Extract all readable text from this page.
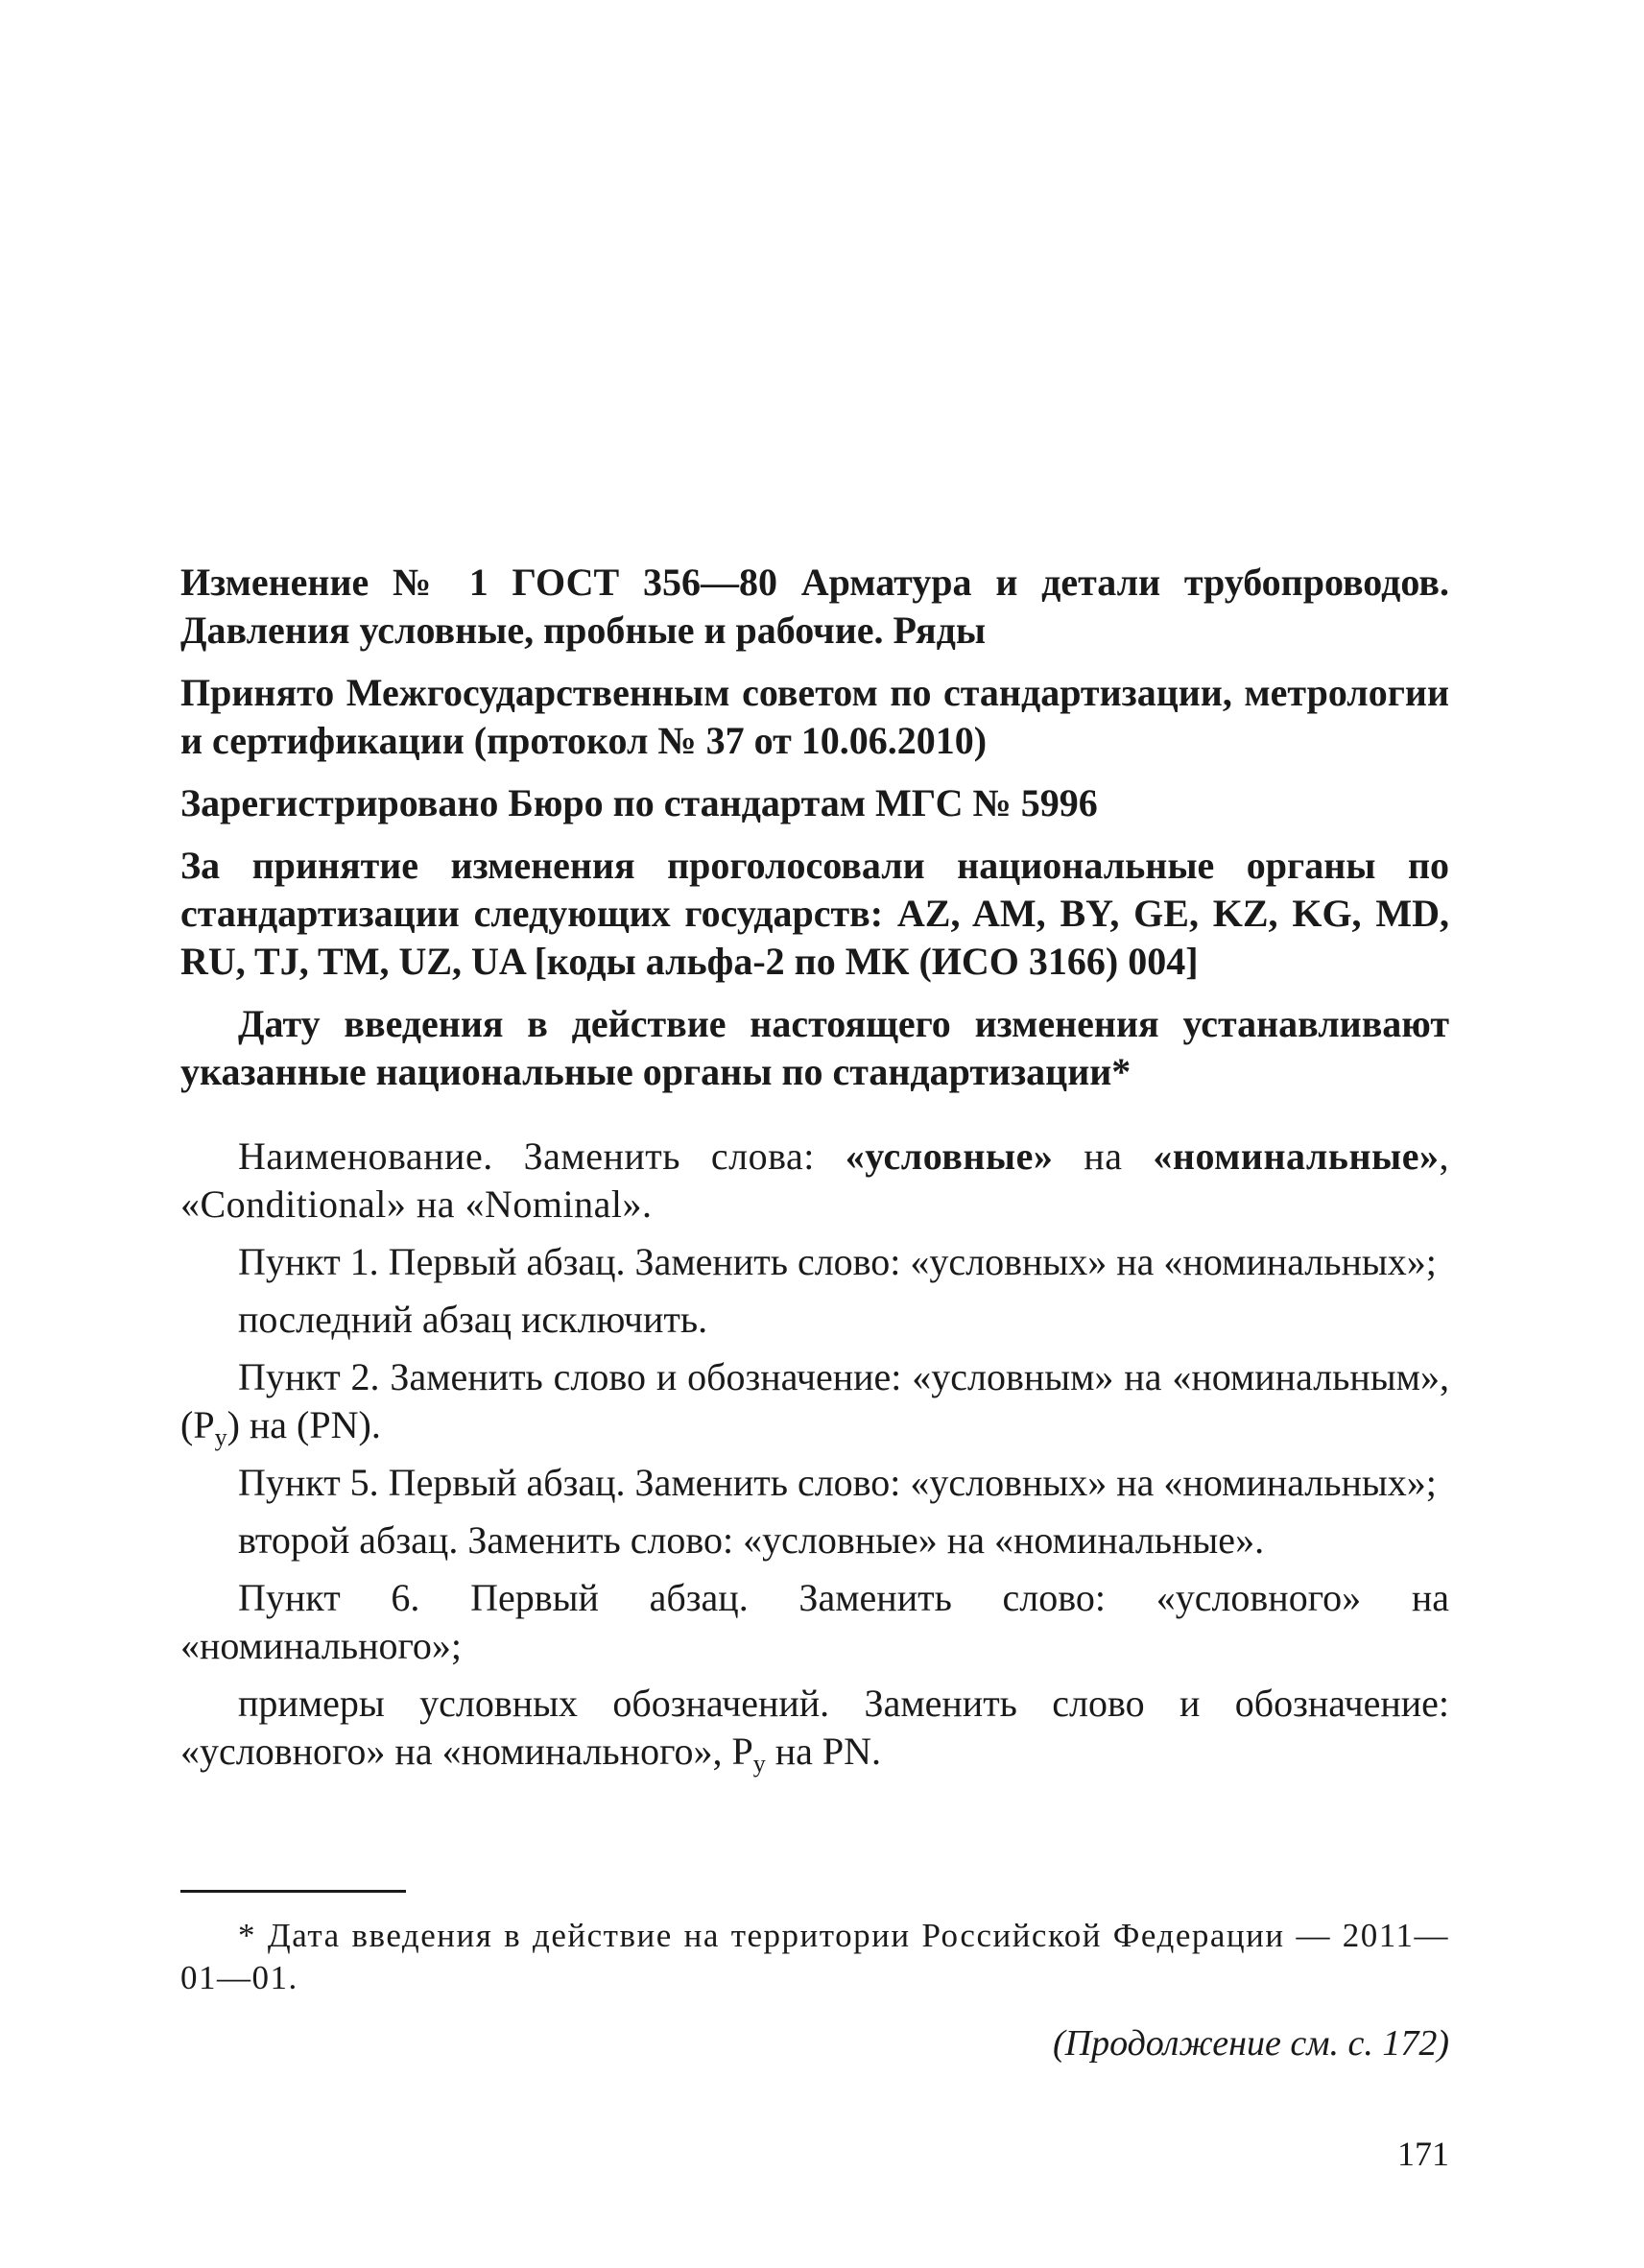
Изменение № 1 ГОСТ 356—80 Арматура и детали трубопроводов. Давления условные, пробные и рабочие. Ряды

Принято Межгосударственным советом по стандартизации, метрологии и сертификации (протокол № 37 от 10.06.2010)

Зарегистрировано Бюро по стандартам МГС № 5996

За принятие изменения проголосовали национальные органы по стандартизации следующих государств: AZ, AM, BY, GE, KZ, KG, MD, RU, TJ, TM, UZ, UA [коды альфа-2 по МК (ИСО 3166) 004]

Дату введения в действие настоящего изменения устанавливают указанные национальные органы по стандартизации*

Наименование. Заменить слова: «условные» на «номинальные», «Conditional» на «Nominal».

Пункт 1. Первый абзац. Заменить слово: «условных» на «номинальных»;

последний абзац исключить.

Пункт 2. Заменить слово и обозначение: «условным» на «номинальным», $(Р_у)$ на (PN).

Пункт 5. Первый абзац. Заменить слово: «условных» на «номинальных»;

второй абзац. Заменить слово: «условные» на «номинальные».

Пункт 6. Первый абзац. Заменить слово: «условного» на «номинального»;

примеры условных обозначений. Заменить слово и обозначение: «условного» на «номинального», $Р_у$ на PN.

* Дата введения в действие на территории Российской Федерации — 2011—01—01.

(Продолжение см. с. 172)
171
